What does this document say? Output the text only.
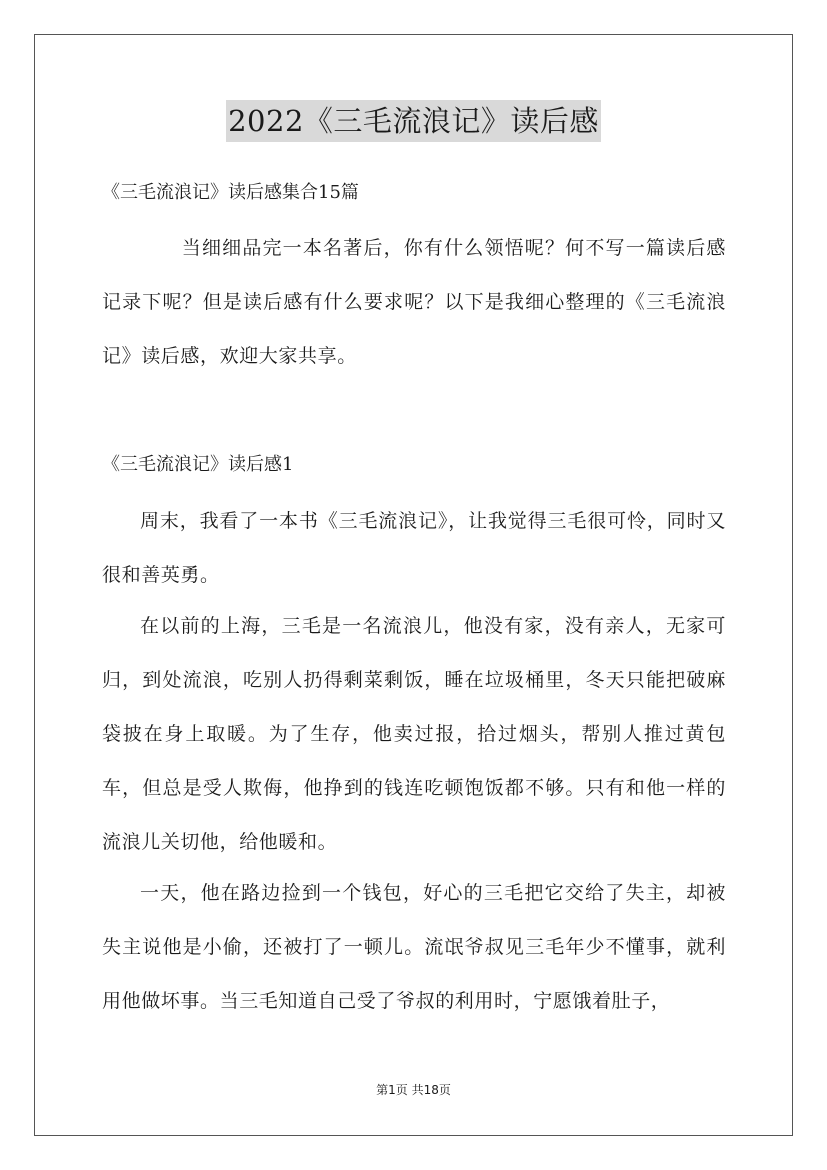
2022《三毛流浪记》读后感
《三毛流浪记》读后感集合15篇

当细细品完一本名著后，你有什么领悟呢？何不写一篇读后感记录下呢？但是读后感有什么要求呢？以下是我细心整理的《三毛流浪记》读后感，欢迎大家共享。

《三毛流浪记》读后感1

周末，我看了一本书《三毛流浪记》，让我觉得三毛很可怜，同时又很和善英勇。

在以前的上海，三毛是一名流浪儿，他没有家，没有亲人，无家可归，到处流浪，吃别人扔得剩菜剩饭，睡在垃圾桶里，冬天只能把破麻袋披在身上取暖。为了生存，他卖过报，拾过烟头，帮别人推过黄包车，但总是受人欺侮，他挣到的钱连吃顿饱饭都不够。只有和他一样的流浪儿关切他，给他暖和。

一天，他在路边捡到一个钱包，好心的三毛把它交给了失主，却被失主说他是小偷，还被打了一顿儿。流氓爷叔见三毛年少不懂事，就利用他做坏事。当三毛知道自己受了爷叔的利用时，宁愿饿着肚子，

第1页 共18页
